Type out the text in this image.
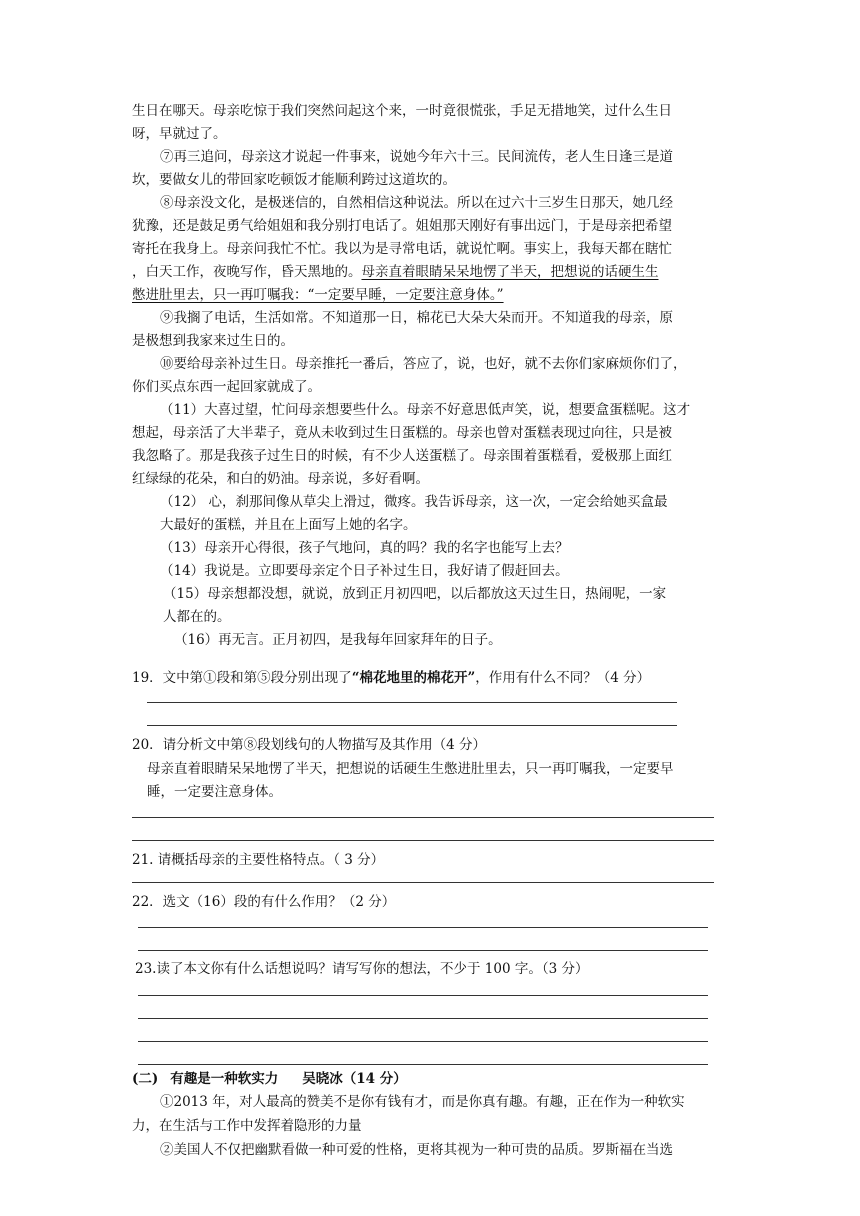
生日在哪天。母亲吃惊于我们突然问起这个来，一时竟很慌张，手足无措地笑，过什么生日
呀，早就过了。
⑦再三追问，母亲这才说起一件事来，说她今年六十三。民间流传，老人生日逢三是道
坎，要做女儿的带回家吃顿饭才能顺利跨过这道坎的。
⑧母亲没文化，是极迷信的，自然相信这种说法。所以在过六十三岁生日那天，她几经
犹豫，还是鼓足勇气给姐姐和我分别打电话了。姐姐那天刚好有事出远门，于是母亲把希望
寄托在我身上。母亲问我忙不忙。我以为是寻常电话，就说忙啊。事实上，我每天都在瞎忙
，白天工作，夜晚写作，昏天黑地的。母亲直着眼睛呆呆地愣了半天，把想说的话硬生生
憋进肚里去，只一再叮嘱我：“一定要早睡，一定要注意身体。”
⑨我搁了电话，生活如常。不知道那一日，棉花已大朵大朵而开。不知道我的母亲，原
是极想到我家来过生日的。
⑩要给母亲补过生日。母亲推托一番后，答应了，说，也好，就不去你们家麻烦你们了，
你们买点东西一起回家就成了。
（11）大喜过望，忙问母亲想要些什么。母亲不好意思低声笑，说，想要盒蛋糕呢。这才
想起，母亲活了大半辈子，竟从未收到过生日蛋糕的。母亲也曾对蛋糕表现过向往，只是被
我忽略了。那是我孩子过生日的时候，有不少人送蛋糕了。母亲围着蛋糕看，爱极那上面红
红绿绿的花朵，和白的奶油。母亲说，多好看啊。
（12） 心，刹那间像从草尖上滑过，微疼。我告诉母亲，这一次，一定会给她买盒最
大最好的蛋糕，并且在上面写上她的名字。
（13）母亲开心得很，孩子气地问，真的吗？我的名字也能写上去？
（14）我说是。立即要母亲定个日子补过生日，我好请了假赶回去。
（15）母亲想都没想，就说，放到正月初四吧，以后都放这天过生日，热闹呢，一家
人都在的。
（16）再无言。正月初四，是我每年回家拜年的日子。
19．文中第①段和第⑤段分别出现了“棉花地里的棉花开”，作用有什么不同？（4 分）
20．请分析文中第⑧段划线句的人物描写及其作用（4 分）
母亲直着眼睛呆呆地愣了半天，把想说的话硬生生憋进肚里去，只一再叮嘱我，一定要早
睡，一定要注意身体。
21. 请概括母亲的主要性格特点。（ 3 分）
22．选文（16）段的有什么作用？（2 分）
23.读了本文你有什么话想说吗？请写写你的想法，不少于 100 字。（3 分）
(二) 有趣是一种软实力 吴晓冰（14 分）
①2013 年，对人最高的赞美不是你有钱有才，而是你真有趣。有趣，正在作为一种软实
力，在生活与工作中发挥着隐形的力量
②美国人不仅把幽默看做一种可爱的性格，更将其视为一种可贵的品质。罗斯福在当选
